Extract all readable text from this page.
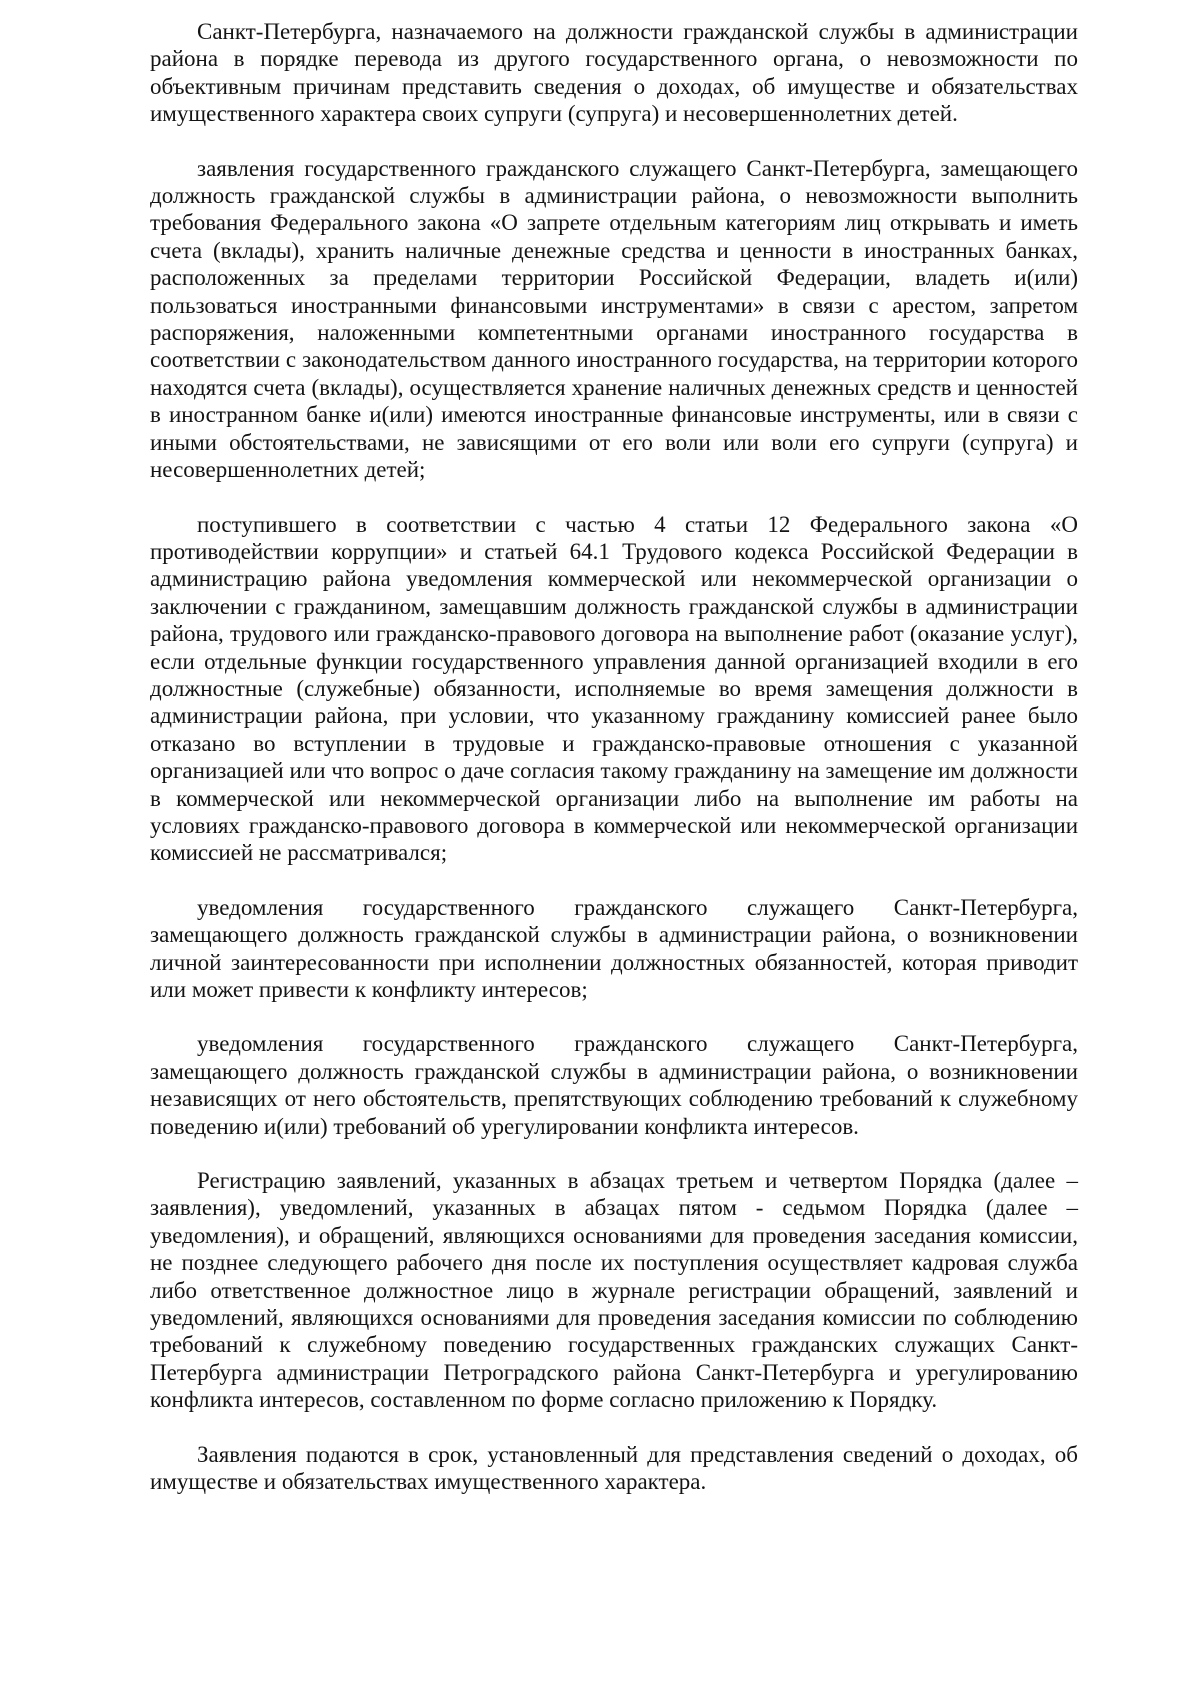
Санкт-Петербурга, назначаемого на должности гражданской службы в администрации района в порядке перевода из другого государственного органа, о невозможности по объективным причинам представить сведения о доходах, об имуществе и обязательствах имущественного характера своих супруги (супруга) и несовершеннолетних детей.

заявления государственного гражданского служащего Санкт-Петербурга, замещающего должность гражданской службы в администрации района, о невозможности выполнить требования Федерального закона «О запрете отдельным категориям лиц открывать и иметь счета (вклады), хранить наличные денежные средства и ценности в иностранных банках, расположенных за пределами территории Российской Федерации, владеть и(или) пользоваться иностранными финансовыми инструментами» в связи с арестом, запретом распоряжения, наложенными компетентными органами иностранного государства в соответствии с законодательством данного иностранного государства, на территории которого находятся счета (вклады), осуществляется хранение наличных денежных средств и ценностей в иностранном банке и(или) имеются иностранные финансовые инструменты, или в связи с иными обстоятельствами, не зависящими от его воли или воли его супруги (супруга) и несовершеннолетних детей;

поступившего в соответствии с частью 4 статьи 12 Федерального закона «О противодействии коррупции» и статьей 64.1 Трудового кодекса Российской Федерации в администрацию района уведомления коммерческой или некоммерческой организации о заключении с гражданином, замещавшим должность гражданской службы в администрации района, трудового или гражданско-правового договора на выполнение работ (оказание услуг), если отдельные функции государственного управления данной организацией входили в его должностные (служебные) обязанности, исполняемые во время замещения должности в администрации района, при условии, что указанному гражданину комиссией ранее было отказано во вступлении в трудовые и гражданско-правовые отношения с указанной организацией или что вопрос о даче согласия такому гражданину на замещение им должности в коммерческой или некоммерческой организации либо на выполнение им работы на условиях гражданско-правового договора в коммерческой или некоммерческой организации комиссией не рассматривался;

уведомления государственного гражданского служащего Санкт-Петербурга, замещающего должность гражданской службы в администрации района, о возникновении личной заинтересованности при исполнении должностных обязанностей, которая приводит или может привести к конфликту интересов;

уведомления государственного гражданского служащего Санкт-Петербурга, замещающего должность гражданской службы в администрации района, о возникновении независящих от него обстоятельств, препятствующих соблюдению требований к служебному поведению и(или) требований об урегулировании конфликта интересов.

Регистрацию заявлений, указанных в абзацах третьем и четвертом Порядка (далее – заявления), уведомлений, указанных в абзацах пятом - седьмом Порядка (далее – уведомления), и обращений, являющихся основаниями для проведения заседания комиссии, не позднее следующего рабочего дня после их поступления осуществляет кадровая служба либо ответственное должностное лицо в журнале регистрации обращений, заявлений и уведомлений, являющихся основаниями для проведения заседания комиссии по соблюдению требований к служебному поведению государственных гражданских служащих Санкт-Петербурга администрации Петроградского района Санкт-Петербурга и урегулированию конфликта интересов, составленном по форме согласно приложению к Порядку.

Заявления подаются в срок, установленный для представления сведений о доходах, об имуществе и обязательствах имущественного характера.
